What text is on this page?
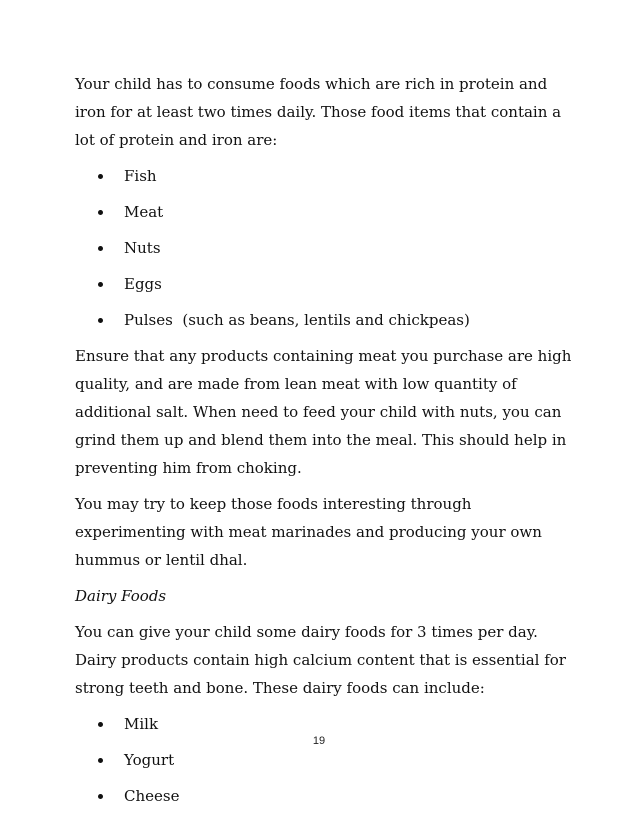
Your child has to consume foods which are rich in protein and iron for at least two times daily. Those food items that contain a lot of protein and iron are:

Fish
Meat
Nuts
Eggs
Pulses  (such as beans, lentils and chickpeas)

Ensure that any products containing meat you purchase are high quality, and are made from lean meat with low quantity of additional salt. When need to feed your child with nuts, you can grind them up and blend them into the meal. This should help in preventing him from choking.

You may try to keep those foods interesting through experimenting with meat marinades and producing your own hummus or lentil dhal.

Dairy Foods

You can give your child some dairy foods for 3 times per day. Dairy products contain high calcium content that is essential for strong teeth and bone. These dairy foods can include:

Milk
Yogurt
Cheese
19
